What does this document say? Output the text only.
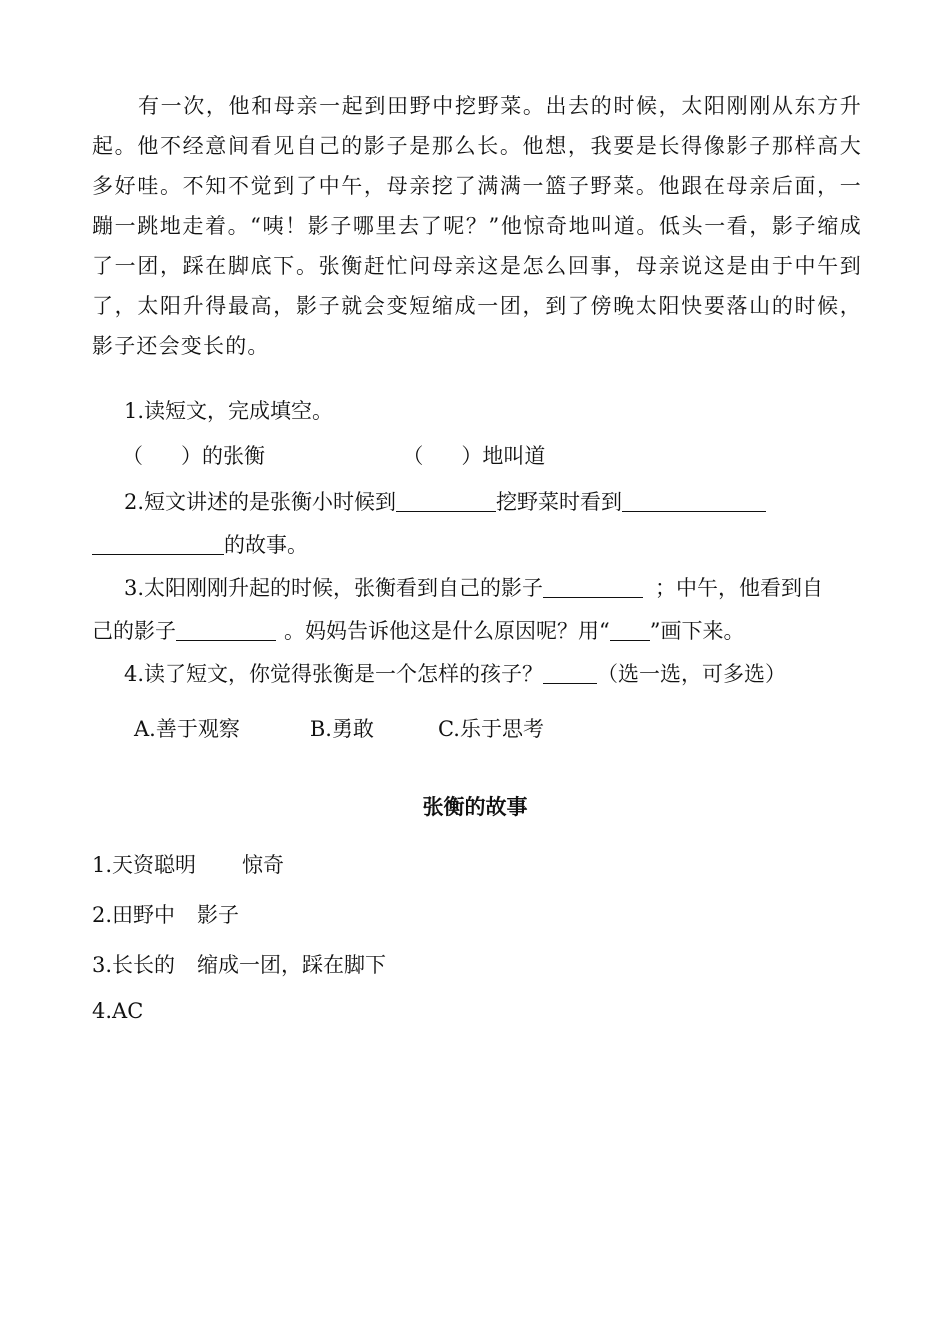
有一次，他和母亲一起到田野中挖野菜。出去的时候，太阳刚刚从东方升起。他不经意间看见自己的影子是那么长。他想，我要是长得像影子那样高大多好哇。不知不觉到了中午，母亲挖了满满一篮子野菜。他跟在母亲后面，一蹦一跳地走着。“咦！影子哪里去了呢？”他惊奇地叫道。低头一看，影子缩成了一团，踩在脚底下。张衡赶忙问母亲这是怎么回事，母亲说这是由于中午到了，太阳升得最高，影子就会变短缩成一团，到了傍晚太阳快要落山的时候，影子还会变长的。

1.读短文，完成填空。
（ ）的张衡	（ ）地叫道
2.短文讲述的是张衡小时候到	挖野菜时看到
的故事。
3.太阳刚刚升起的时候，张衡看到自己的影子	；中午，他看到自
己的影子	。妈妈告诉他这是什么原因呢？用“ ”画下来。
4.读了短文，你觉得张衡是一个怎样的孩子？	（选一选，可多选）
A.善于观察	B.勇敢	C.乐于思考
张衡的故事
1.天资聪明 惊奇
2.田野中 影子
3.长长的 缩成一团，踩在脚下
4.AC
